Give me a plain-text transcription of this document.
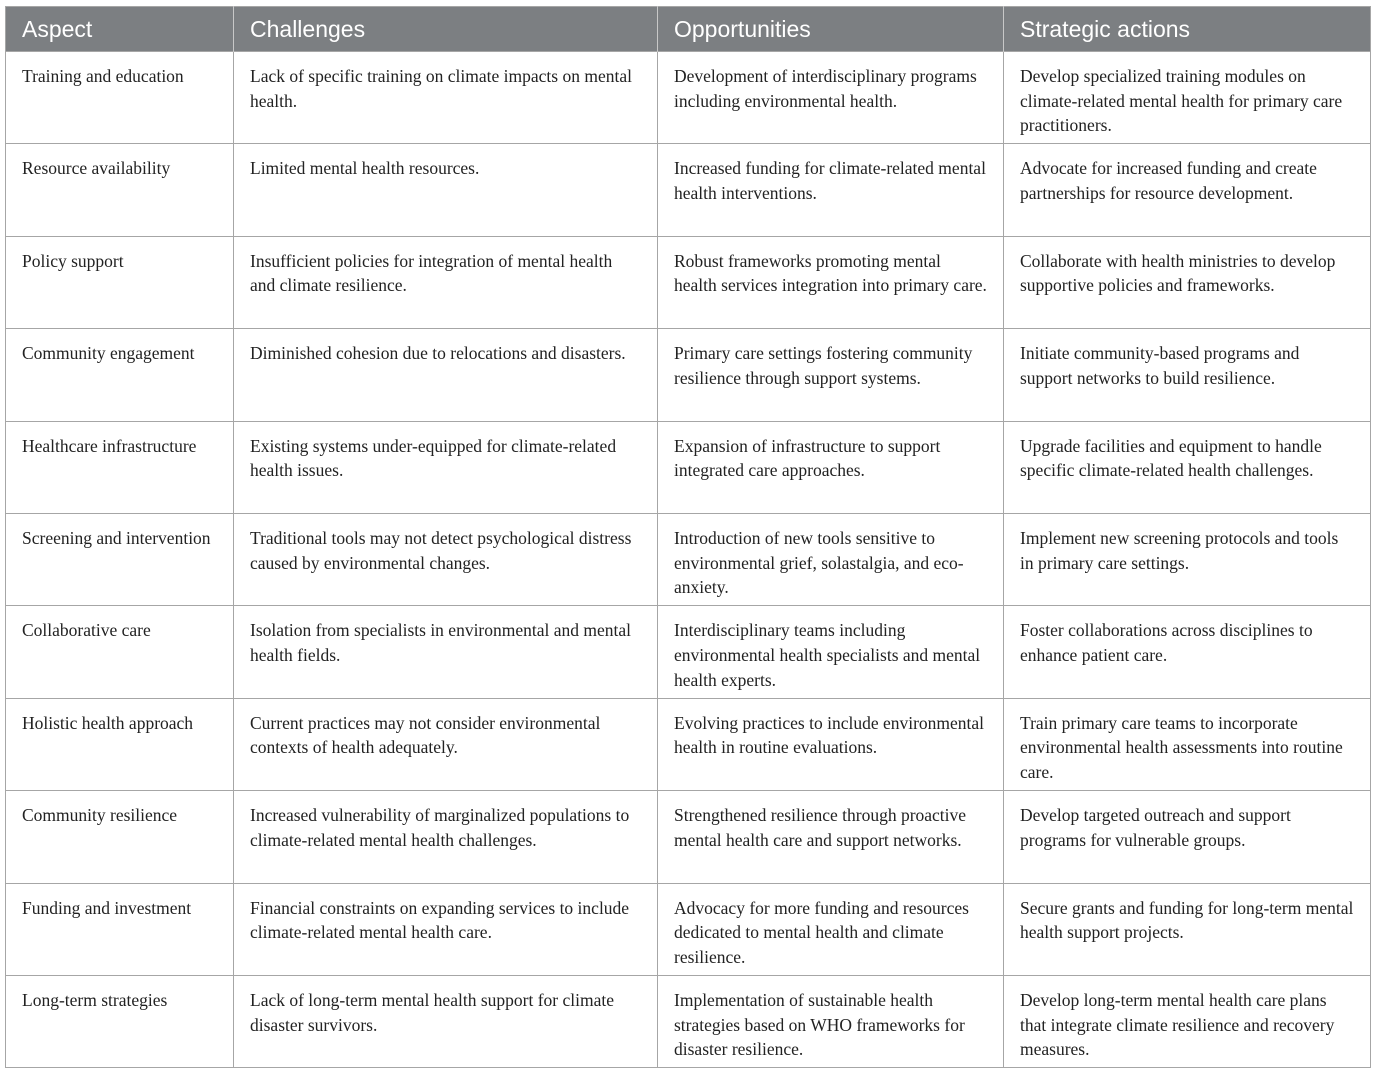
Aspect	Challenges	Opportunities	Strategic actions
Training and education	Lack of specific training on climate impacts on mental health.	Development of interdisciplinary programs including environmental health.	Develop specialized training modules on climate-related mental health for primary care practitioners.
Resource availability	Limited mental health resources.	Increased funding for climate-related mental health interventions.	Advocate for increased funding and create partnerships for resource development.
Policy support	Insufficient policies for integration of mental health and climate resilience.	Robust frameworks promoting mental health services integration into primary care.	Collaborate with health ministries to develop supportive policies and frameworks.
Community engagement	Diminished cohesion due to relocations and disasters.	Primary care settings fostering community resilience through support systems.	Initiate community-based programs and support networks to build resilience.
Healthcare infrastructure	Existing systems under-equipped for climate-related health issues.	Expansion of infrastructure to support integrated care approaches.	Upgrade facilities and equipment to handle specific climate-related health challenges.
Screening and intervention	Traditional tools may not detect psychological distress caused by environmental changes.	Introduction of new tools sensitive to environmental grief, solastalgia, and eco-anxiety.	Implement new screening protocols and tools in primary care settings.
Collaborative care	Isolation from specialists in environmental and mental health fields.	Interdisciplinary teams including environmental health specialists and mental health experts.	Foster collaborations across disciplines to enhance patient care.
Holistic health approach	Current practices may not consider environmental contexts of health adequately.	Evolving practices to include environmental health in routine evaluations.	Train primary care teams to incorporate environmental health assessments into routine care.
Community resilience	Increased vulnerability of marginalized populations to climate-related mental health challenges.	Strengthened resilience through proactive mental health care and support networks.	Develop targeted outreach and support programs for vulnerable groups.
Funding and investment	Financial constraints on expanding services to include climate-related mental health care.	Advocacy for more funding and resources dedicated to mental health and climate resilience.	Secure grants and funding for long-term mental health support projects.
Long-term strategies	Lack of long-term mental health support for climate disaster survivors.	Implementation of sustainable health strategies based on WHO frameworks for disaster resilience.	Develop long-term mental health care plans that integrate climate resilience and recovery measures.
